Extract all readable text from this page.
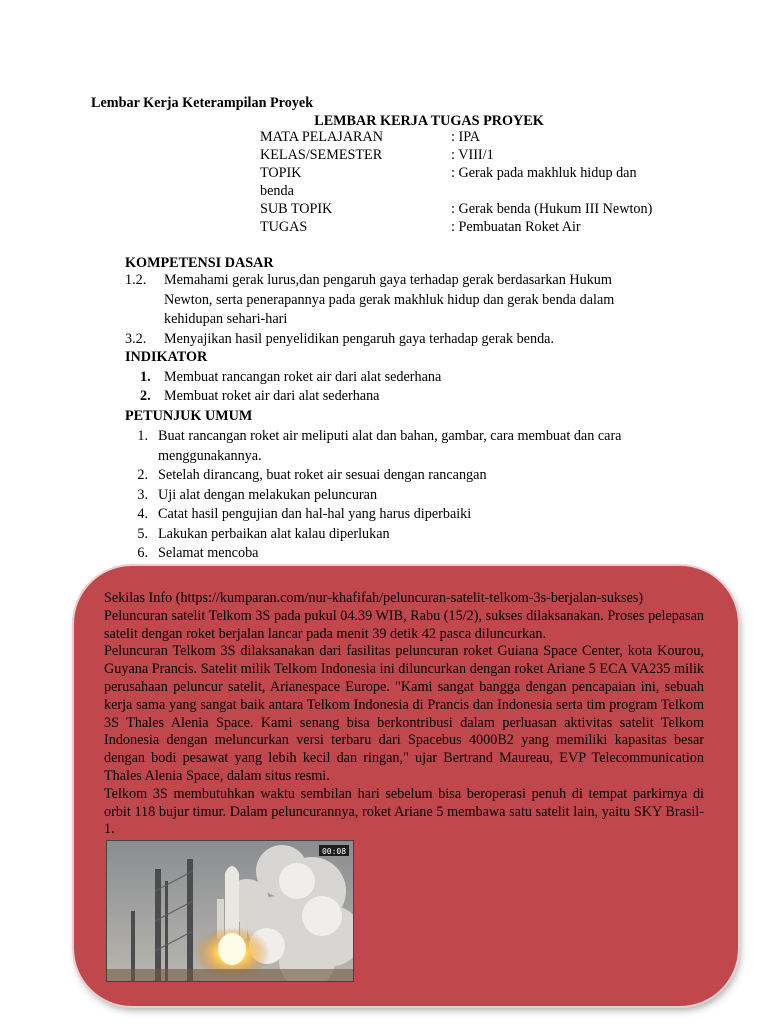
Lembar Kerja Keterampilan Proyek
LEMBAR KERJA TUGAS PROYEK
MATA PELAJARAN	: IPA
KELAS/SEMESTER	: VIII/1
TOPIK	: Gerak pada makhluk hidup dan
benda
SUB TOPIK	: Gerak benda (Hukum III Newton)
TUGAS	: Pembuatan Roket Air
KOMPETENSI DASAR
1.2. Memahami gerak lurus,dan pengaruh gaya terhadap gerak berdasarkan Hukum
Newton, serta penerapannya pada gerak makhluk hidup dan gerak benda dalam
kehidupan sehari-hari
3.2. Menyajikan hasil penyelidikan pengaruh gaya terhadap gerak benda.
INDIKATOR
1. Membuat rancangan roket air dari alat sederhana
2. Membuat roket air dari alat sederhana
PETUNJUK UMUM
1. Buat rancangan roket air meliputi alat dan bahan, gambar, cara membuat dan cara
menggunakannya.
2. Setelah dirancang, buat roket air sesuai dengan rancangan
3. Uji alat dengan melakukan peluncuran
4. Catat hasil pengujian dan hal-hal yang harus diperbaiki
5. Lakukan perbaikan alat kalau diperlukan
6. Selamat mencoba
Sekilas Info (https://kumparan.com/nur-khafifah/peluncuran-satelit-telkom-3s-berjalan-sukses)
Peluncuran satelit Telkom 3S pada pukul 04.39 WIB, Rabu (15/2), sukses dilaksanakan. Proses pelepasan satelit dengan roket berjalan lancar pada menit 39 detik 42 pasca diluncurkan.
Peluncuran Telkom 3S dilaksanakan dari fasilitas peluncuran roket Guiana Space Center, kota Kourou, Guyana Prancis. Satelit milik Telkom Indonesia ini diluncurkan dengan roket Ariane 5 ECA VA235 milik perusahaan peluncur satelit, Arianespace Europe. "Kami sangat bangga dengan pencapaian ini, sebuah kerja sama yang sangat baik antara Telkom Indonesia di Prancis dan Indonesia serta tim program Telkom 3S Thales Alenia Space. Kami senang bisa berkontribusi dalam perluasan aktivitas satelit Telkom Indonesia dengan meluncurkan versi terbaru dari Spacebus 4000B2 yang memiliki kapasitas besar dengan bodi pesawat yang lebih kecil dan ringan," ujar Bertrand Maureau, EVP Telecommunication Thales Alenia Space, dalam situs resmi.
Telkom 3S membutuhkan waktu sembilan hari sebelum bisa beroperasi penuh di tempat parkirnya di orbit 118 bujur timur. Dalam peluncurannya, roket Ariane 5 membawa satu satelit lain, yaitu SKY Brasil-1.
00:08
